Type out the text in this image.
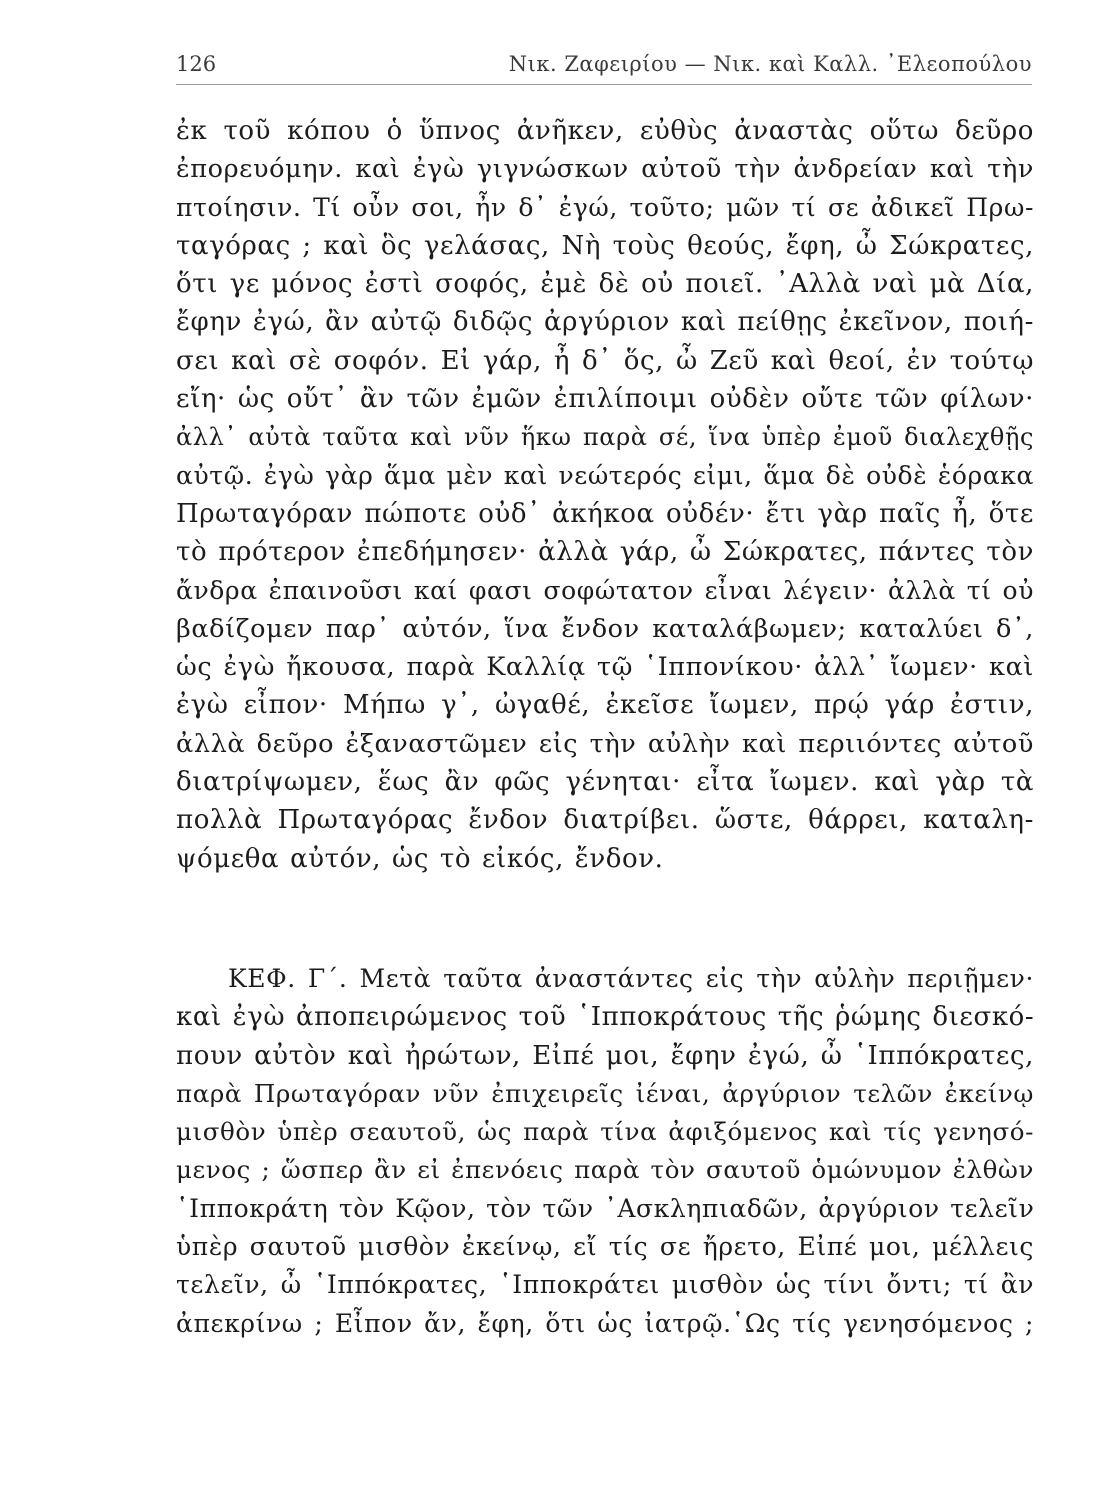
126	Νικ. Ζαφειρίου — Νικ. καὶ Καλλ. ᾿Ελεοπούλου
ἐκ τοῦ κόπου ὁ ὕπνος ἀνῆκεν, εὐθὺς ἀναστὰς οὕτω δεῦρο
ἐπορευόμην. καὶ ἐγὼ γιγνώσκων αὐτοῦ τὴν ἀνδρείαν καὶ τὴν
πτοίησιν. Τί οὖν σοι, ἦν δ᾿ ἐγώ, τοῦτο; μῶν τί σε ἀδικεῖ Πρω-
ταγόρας ; καὶ ὃς γελάσας, Νὴ τοὺς θεούς, ἔφη, ὦ Σώκρατες,
ὅτι γε μόνος ἐστὶ σοφός, ἐμὲ δὲ οὐ ποιεῖ. ᾿Αλλὰ ναὶ μὰ Δία,
ἔφην ἐγώ, ἂν αὐτῷ διδῷς ἀργύριον καὶ πείθῃς ἐκεῖνον, ποιή-
σει καὶ σὲ σοφόν. Εἰ γάρ, ἦ δ᾿ ὅς, ὦ Ζεῦ καὶ θεοί, ἐν τούτῳ
εἴη· ὡς οὔτ᾿ ἂν τῶν ἐμῶν ἐπιλίποιμι οὐδὲν οὔτε τῶν φίλων·
ἀλλ᾿ αὐτὰ ταῦτα καὶ νῦν ἥκω παρὰ σέ, ἵνα ὑπὲρ ἐμοῦ διαλεχθῇς
αὐτῷ. ἐγὼ γὰρ ἅμα μὲν καὶ νεώτερός εἰμι, ἅμα δὲ οὐδὲ ἑόρακα
Πρωταγόραν πώποτε οὐδ᾿ ἀκήκοα οὐδέν· ἔτι γὰρ παῖς ἦ, ὅτε
τὸ πρότερον ἐπεδήμησεν· ἀλλὰ γάρ, ὦ Σώκρατες, πάντες τὸν
ἄνδρα ἐπαινοῦσι καί φασι σοφώτατον εἶναι λέγειν· ἀλλὰ τί οὐ
βαδίζομεν παρ᾿ αὐτόν, ἵνα ἔνδον καταλάβωμεν; καταλύει δ᾿,
ὡς ἐγὼ ἤκουσα, παρὰ Καλλίᾳ τῷ ῾Ιππονίκου· ἀλλ᾿ ἴωμεν· καὶ
ἐγὼ εἶπον· Μήπω γ᾿, ὠγαθέ, ἐκεῖσε ἴωμεν, πρῴ γάρ ἐστιν,
ἀλλὰ δεῦρο ἐξαναστῶμεν εἰς τὴν αὐλὴν καὶ περιιόντες αὐτοῦ
διατρίψωμεν, ἕως ἂν φῶς γένηται· εἶτα ἴωμεν. καὶ γὰρ τὰ
πολλὰ Πρωταγόρας ἔνδον διατρίβει. ὥστε, θάρρει, καταλη-
ψόμεθα αὐτόν, ὡς τὸ εἰκός, ἔνδον.
ΚΕΦ. Γ΄. Μετὰ ταῦτα ἀναστάντες εἰς τὴν αὐλὴν περιῇμεν·
καὶ ἐγὼ ἀποπειρώμενος τοῦ ῾Ιπποκράτους τῆς ῥώμης διεσκό-
πουν αὐτὸν καὶ ἠρώτων, Εἰπέ μοι, ἔφην ἐγώ, ὦ ῾Ιππόκρατες,
παρὰ Πρωταγόραν νῦν ἐπιχειρεῖς ἰέναι, ἀργύριον τελῶν ἐκείνῳ
μισθὸν ὑπὲρ σεαυτοῦ, ὡς παρὰ τίνα ἀφιξόμενος καὶ τίς γενησό-
μενος ; ὥσπερ ἂν εἰ ἐπενόεις παρὰ τὸν σαυτοῦ ὁμώνυμον ἐλθὼν
῾Ιπποκράτη τὸν Κῷον, τὸν τῶν ᾿Ασκληπιαδῶν, ἀργύριον τελεῖν
ὑπὲρ σαυτοῦ μισθὸν ἐκείνῳ, εἴ τίς σε ἤρετο, Εἰπέ μοι, μέλλεις
τελεῖν, ὦ ῾Ιππόκρατες, ῾Ιπποκράτει μισθὸν ὡς τίνι ὄντι; τί ἂν
ἀπεκρίνω ; Εἶπον ἄν, ἔφη, ὅτι ὡς ἰατρῷ.῾Ως τίς γενησόμενος ;
